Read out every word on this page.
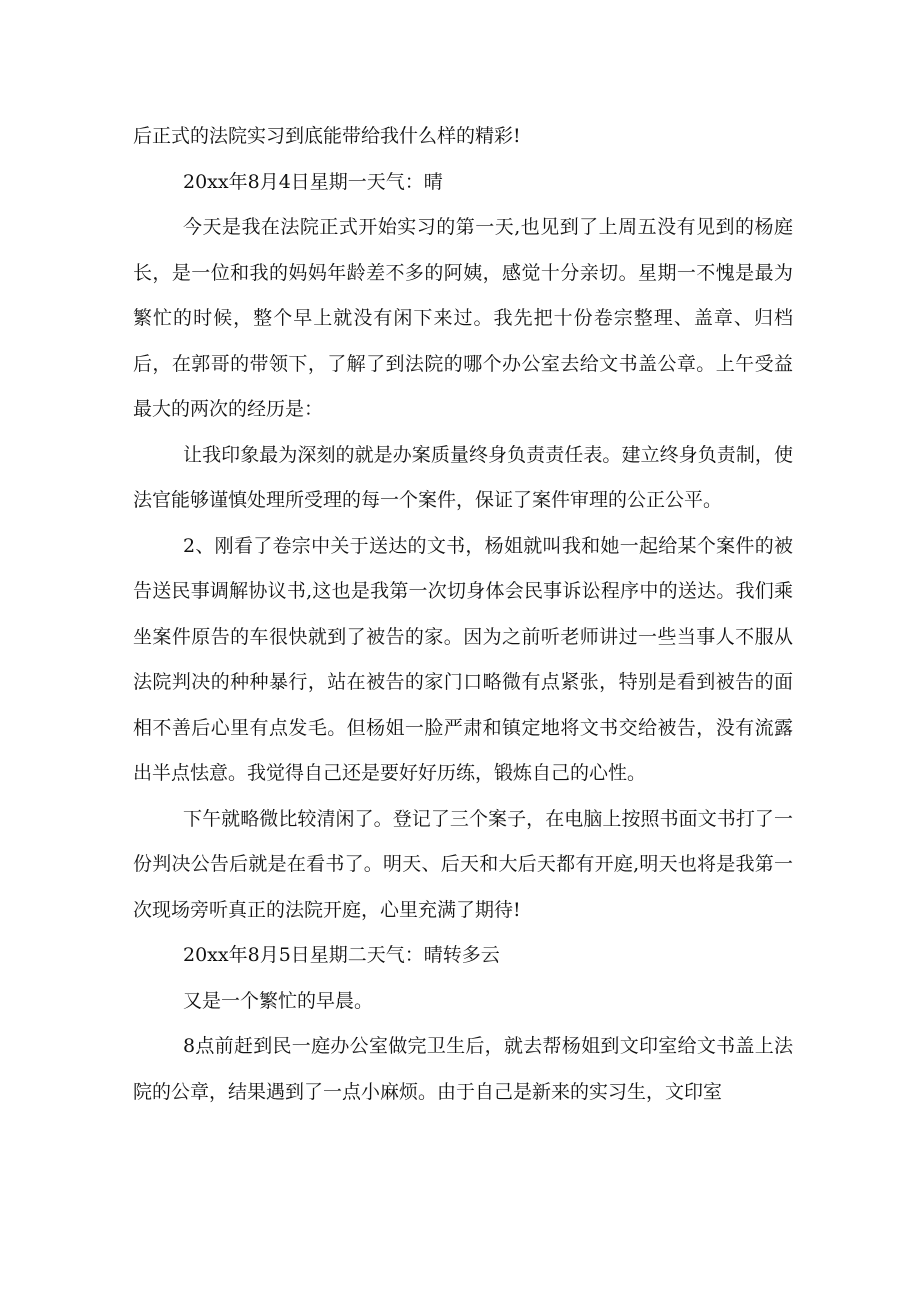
后正式的法院实习到底能带给我什么样的精彩!

20xx年8月4日星期一天气：晴

今天是我在法院正式开始实习的第一天,也见到了上周五没有见到的杨庭长，是一位和我的妈妈年龄差不多的阿姨，感觉十分亲切。星期一不愧是最为繁忙的时候，整个早上就没有闲下来过。我先把十份卷宗整理、盖章、归档后，在郭哥的带领下，了解了到法院的哪个办公室去给文书盖公章。上午受益最大的两次的经历是：

让我印象最为深刻的就是办案质量终身负责责任表。建立终身负责制，使法官能够谨慎处理所受理的每一个案件，保证了案件审理的公正公平。

2、刚看了卷宗中关于送达的文书，杨姐就叫我和她一起给某个案件的被告送民事调解协议书,这也是我第一次切身体会民事诉讼程序中的送达。我们乘坐案件原告的车很快就到了被告的家。因为之前听老师讲过一些当事人不服从法院判决的种种暴行，站在被告的家门口略微有点紧张，特别是看到被告的面相不善后心里有点发毛。但杨姐一脸严肃和镇定地将文书交给被告，没有流露出半点怯意。我觉得自己还是要好好历练，锻炼自己的心性。

下午就略微比较清闲了。登记了三个案子，在电脑上按照书面文书打了一份判决公告后就是在看书了。明天、后天和大后天都有开庭,明天也将是我第一次现场旁听真正的法院开庭，心里充满了期待!

20xx年8月5日星期二天气：晴转多云

又是一个繁忙的早晨。

8点前赶到民一庭办公室做完卫生后，就去帮杨姐到文印室给文书盖上法院的公章，结果遇到了一点小麻烦。由于自己是新来的实习生，文印室
